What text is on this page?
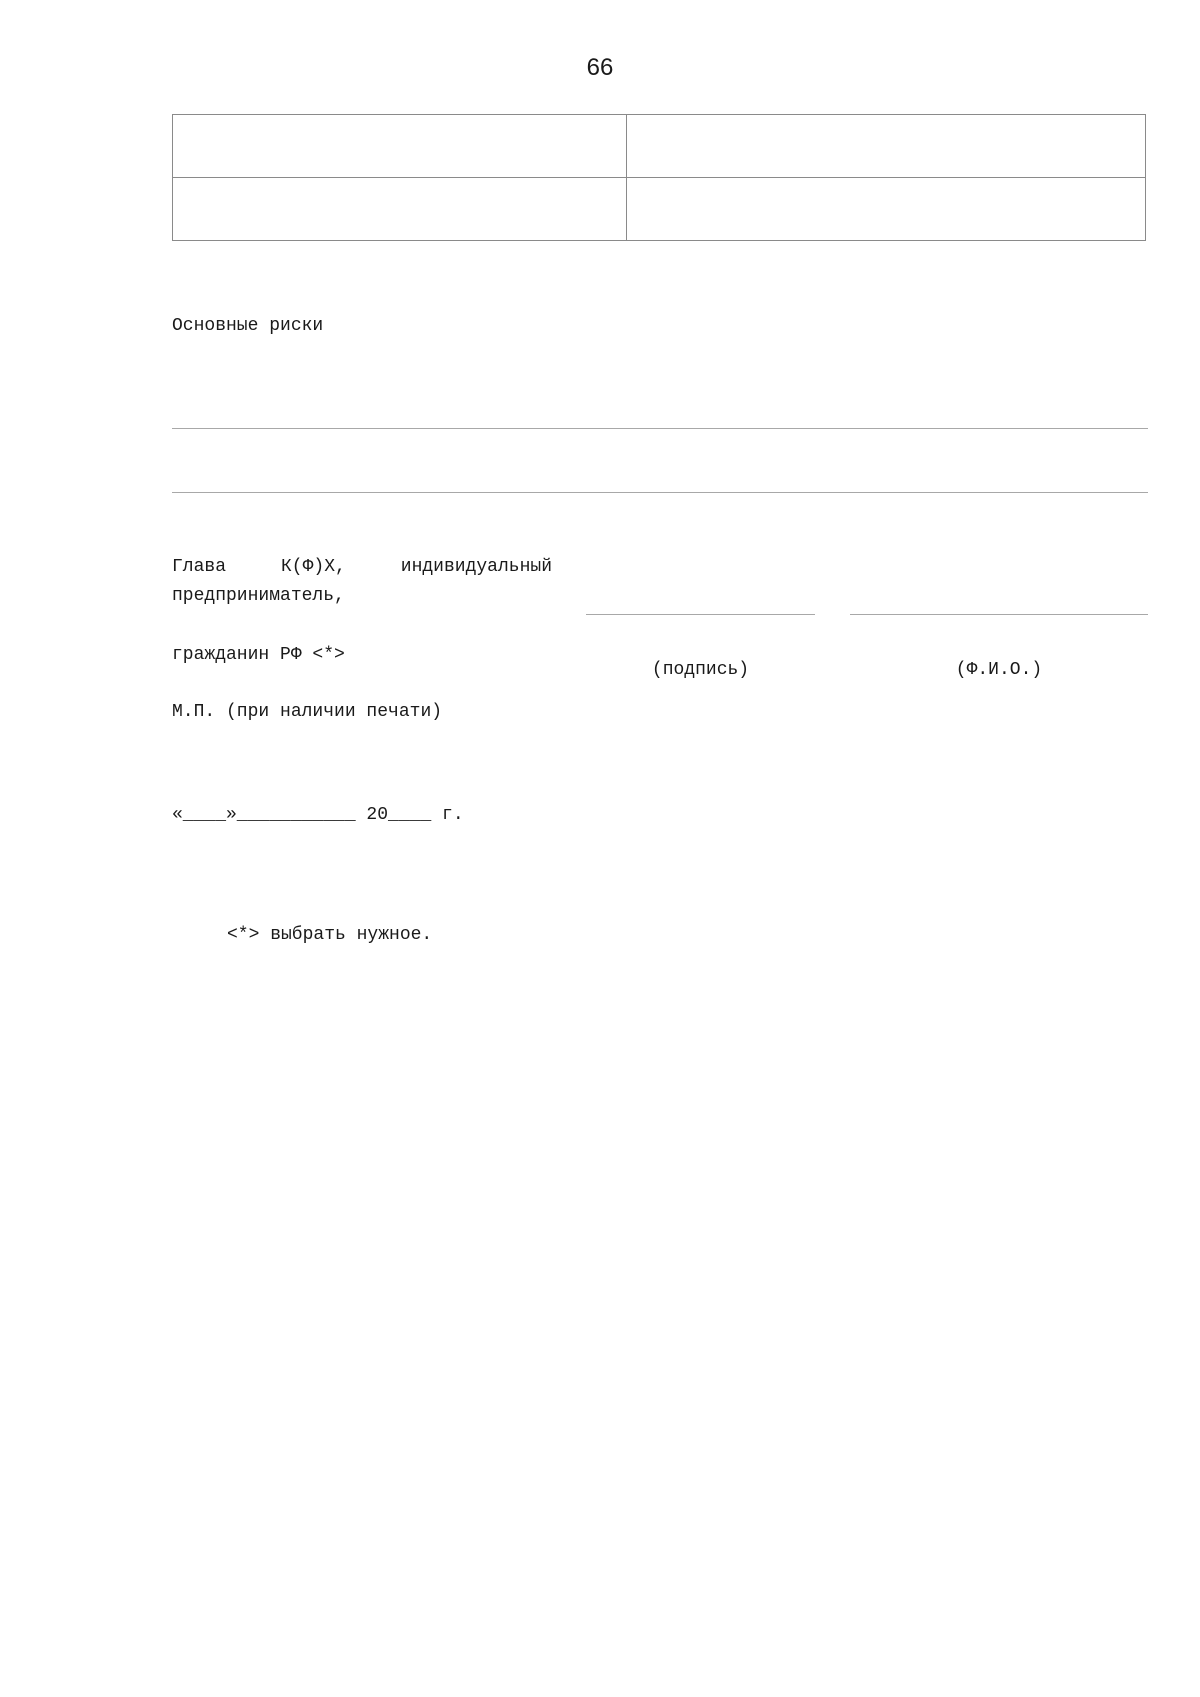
66

Основные риски
Глава	К(Ф)Х,	индивидуальный
предприниматель,
гражданин РФ <*>
М.П. (при наличии печати)
(подпись)	(Ф.И.О.)
«____»___________ 20____ г.
<*> выбрать нужное.
